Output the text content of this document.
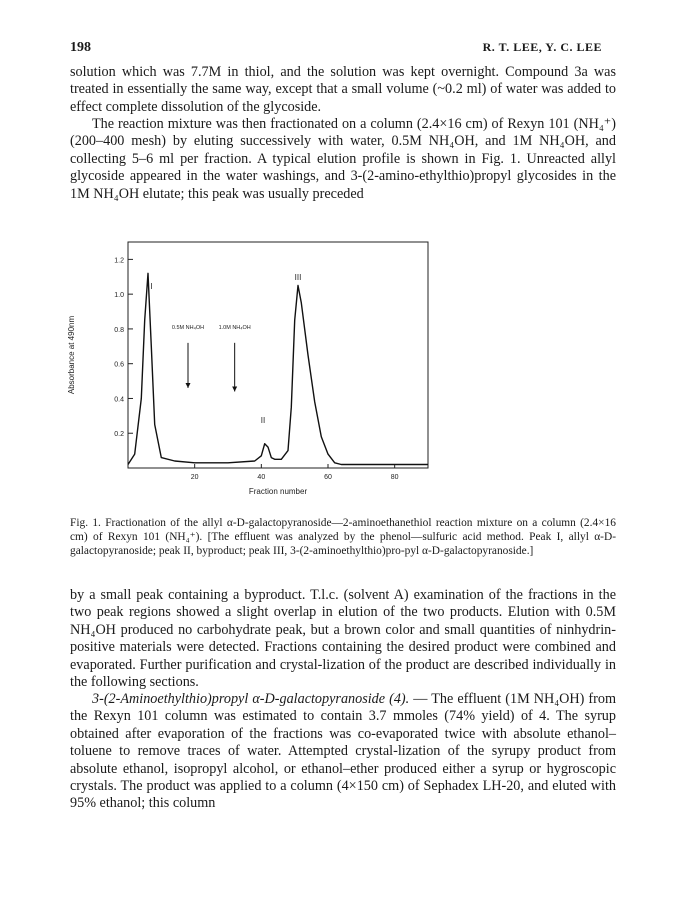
198	R. T. LEE, Y. C. LEE

solution which was 7.7M in thiol, and the solution was kept overnight. Compound 3a was treated in essentially the same way, except that a small volume (~0.2 ml) of water was added to effect complete dissolution of the glycoside.

The reaction mixture was then fractionated on a column (2.4×16 cm) of Rexyn 101 (NH₄⁺) (200–400 mesh) by eluting successively with water, 0.5M NH₄OH, and 1M NH₄OH, and collecting 5–6 ml per fraction. A typical elution profile is shown in Fig. 1. Unreacted allyl glycoside appeared in the water washings, and 3-(2-amino-ethylthio)propyl glycosides in the 1M NH₄OH elutate; this peak was usually preceded

0.2
0.4
0.6
0.8
1.0
1.2
20	40	60	80
Fraction number
Absorbance at 490nm
I
II
III
0.5M NH₄OH	1.0M NH₄OH

Fig. 1. Fractionation of the allyl α-D-galactopyranoside—2-aminoethanethiol reaction mixture on a column (2.4×16 cm) of Rexyn 101 (NH₄⁺). [The effluent was analyzed by the phenol—sulfuric acid method. Peak I, allyl α-D-galactopyranoside; peak II, byproduct; peak III, 3-(2-aminoethylthio)pro-pyl α-D-galactopyranoside.]

by a small peak containing a byproduct. T.l.c. (solvent A) examination of the fractions in the two peak regions showed a slight overlap in elution of the two products. Elution with 0.5M NH₄OH produced no carbohydrate peak, but a brown color and small quantities of ninhydrin-positive materials were detected. Fractions containing the desired product were combined and evaporated. Further purification and crystal-lization of the product are described individually in the following sections.

3-(2-Aminoethylthio)propyl α-D-galactopyranoside (4). — The effluent (1M NH₄OH) from the Rexyn 101 column was estimated to contain 3.7 mmoles (74% yield) of 4. The syrup obtained after evaporation of the fractions was co-evaporated twice with absolute ethanol–toluene to remove traces of water. Attempted crystal-lization of the syrupy product from absolute ethanol, isopropyl alcohol, or ethanol–ether produced either a syrup or hygroscopic crystals. The product was applied to a column (4×150 cm) of Sephadex LH-20, and eluted with 95% ethanol; this column
